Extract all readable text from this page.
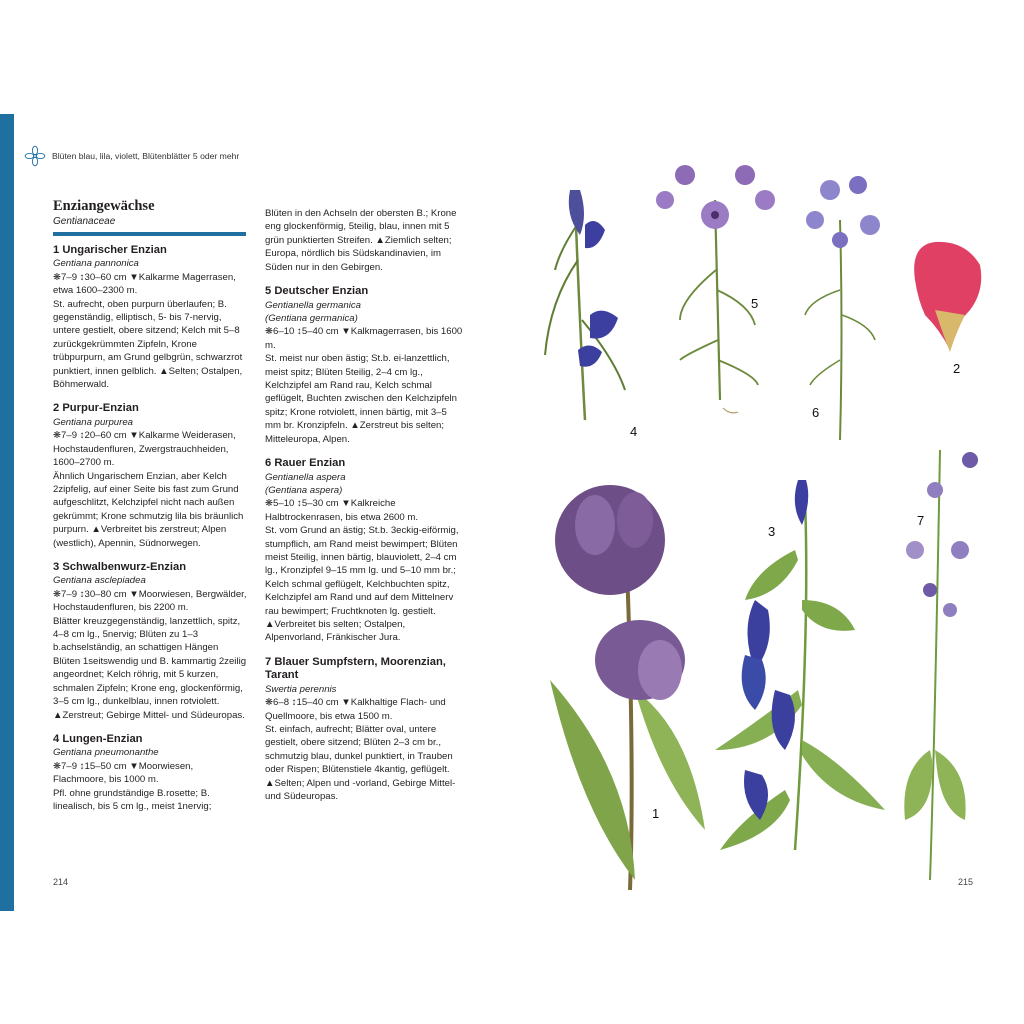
Blüten blau, lila, violett, Blütenblätter 5 oder mehr
Enziangewächse
Gentianaceae
1 Ungarischer Enzian
Gentiana pannonica
❋7–9 ↕30–60 cm ▼Kalkarme Magerrasen, etwa 1600–2300 m.
St. aufrecht, oben purpurn überlaufen; B. gegenständig, elliptisch, 5- bis 7-nervig, untere gestielt, obere sitzend; Kelch mit 5–8 zurückgekrümmten Zipfeln, Krone trübpurpurn, am Grund gelbgrün, schwarzrot punktiert, innen gelblich. ▲Selten; Ostalpen, Böhmerwald.
2 Purpur-Enzian
Gentiana purpurea
❋7–9 ↕20–60 cm ▼Kalkarme Weiderasen, Hochstaudenfluren, Zwergstrauchheiden, 1600–2700 m.
Ähnlich Ungarischem Enzian, aber Kelch 2zipfelig, auf einer Seite bis fast zum Grund aufgeschlitzt, Kelchzipfel nicht nach außen gekrümmt; Krone schmutzig lila bis bräunlich purpurn. ▲Verbreitet bis zerstreut; Alpen (westlich), Apennin, Südnorwegen.
3 Schwalbenwurz-Enzian
Gentiana asclepiadea
❋7–9 ↕30–80 cm ▼Moorwiesen, Bergwälder, Hochstaudenfluren, bis 2200 m.
Blätter kreuzgegenständig, lanzettlich, spitz, 4–8 cm lg., 5nervig; Blüten zu 1–3 b.achselständig, an schattigen Hängen Blüten 1seitswendig und B. kammartig 2zeilig angeordnet; Kelch röhrig, mit 5 kurzen, schmalen Zipfeln; Krone eng, glockenförmig, 3–5 cm lg., dunkelblau, innen rotviolett. ▲Zerstreut; Gebirge Mittel- und Südeuropas.
4 Lungen-Enzian
Gentiana pneumonanthe
❋7–9 ↕15–50 cm ▼Moorwiesen, Flachmoore, bis 1000 m.
Pfl. ohne grundständige B.rosette; B. linealisch, bis 5 cm lg., meist 1nervig;
Blüten in den Achseln der obersten B.; Krone eng glockenförmig, 5teilig, blau, innen mit 5 grün punktierten Streifen. ▲Ziemlich selten; Europa, nördlich bis Südskandinavien, im Süden nur in den Gebirgen.
5 Deutscher Enzian
Gentianella germanica
(Gentiana germanica)
❋6–10 ↕5–40 cm ▼Kalkmagerrasen, bis 1600 m.
St. meist nur oben ästig; St.b. ei-lanzettlich, meist spitz; Blüten 5teilig, 2–4 cm lg., Kelchzipfel am Rand rau, Kelch schmal geflügelt, Buchten zwischen den Kelchzipfeln spitz; Krone rotviolett, innen bärtig, mit 3–5 mm br. Kronzipfeln. ▲Zerstreut bis selten; Mitteleuropa, Alpen.
6 Rauer Enzian
Gentianella aspera
(Gentiana aspera)
❋5–10 ↕5–30 cm ▼Kalkreiche Halbtrockenrasen, bis etwa 2600 m.
St. vom Grund an ästig; St.b. 3eckig-eiförmig, stumpflich, am Rand meist bewimpert; Blüten meist 5teilig, innen bärtig, blauviolett, 2–4 cm lg., Kronzipfel 9–15 mm lg. und 5–10 mm br.; Kelch schmal geflügelt, Kelchbuchten spitz, Kelchzipfel am Rand und auf dem Mittelnerv rau bewimpert; Fruchtknoten lg. gestielt. ▲Verbreitet bis selten; Ostalpen, Alpenvorland, Fränkischer Jura.
7 Blauer Sumpfstern, Moorenzian, Tarant
Swertia perennis
❋6–8 ↕15–40 cm ▼Kalkhaltige Flach- und Quellmoore, bis etwa 1500 m.
St. einfach, aufrecht; Blätter oval, untere gestielt, obere sitzend; Blüten 2–3 cm br., schmutzig blau, dunkel punktiert, in Trauben oder Rispen; Blütenstiele 4kantig, geflügelt. ▲Selten; Alpen und -vorland, Gebirge Mittel- und Südeuropas.
214	215
5
6
2
4
1
3
7
